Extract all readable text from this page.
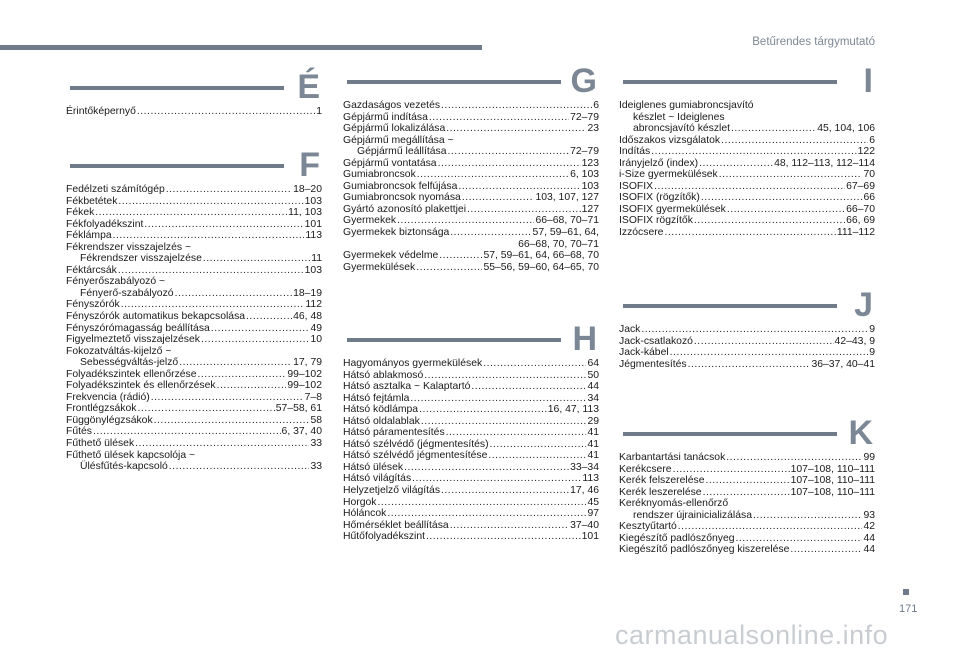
Betűrendes tárgymutató
É
Érintőképernyő .....	1
F
Fedélzeti számítógép .....	18–20
Fékbetétek .....	103
Fékek .....	11, 103
Fékfolyadékszint .....	101
Féklámpa .....	113
Fékrendszer visszajelzés ~
Fékrendszer visszajelzése .....	11
Féktárcsák .....	103
Fényerőszabályozó ~
Fényerő-szabályozó .....	18–19
Fényszórók .....	112
Fényszórók automatikus bekapcsolása .....	46, 48
Fényszórómagasság beállítása .....	49
Figyelmeztető visszajelzések .....	10
Fokozatváltás-kijelző ~
Sebességváltás-jelző .....	17, 79
Folyadékszintek ellenőrzése .....	99–102
Folyadékszintek és ellenőrzések .....	99–102
Frekvencia (rádió) .....	7–8
Frontlégzsákok .....	57–58, 61
Függönylégzsákok .....	58
Fűtés .....	6, 37, 40
Fűthető ülések .....	33
Fűthető ülések kapcsolója ~
Ülésfűtés-kapcsoló .....	33
G
Gazdaságos vezetés .....	6
Gépjármű indítása .....	72–79
Gépjármű lokalizálása .....	23
Gépjármű megállítása ~
Gépjármű leállítása .....	72–79
Gépjármű vontatása .....	123
Gumiabroncsok .....	6, 103
Gumiabroncsok felfújása .....	103
Gumiabroncsok nyomása .....	103, 107, 127
Gyártó azonosító plakettjei .....	127
Gyermekek .....	66–68, 70–71
Gyermekek biztonsága .....	57, 59–61, 64,
66–68, 70, 70–71
Gyermekek védelme .....	57, 59–61, 64, 66–68, 70
Gyermekülések .....	55–56, 59–60, 64–65, 70
H
Hagyományos gyermekülések .....	64
Hátsó ablakmosó .....	50
Hátsó asztalka ~ Kalaptartó .....	44
Hátsó fejtámla .....	34
Hátsó ködlámpa .....	16, 47, 113
Hátsó oldalablak .....	29
Hátsó páramentesítés .....	41
Hátsó szélvédő (jégmentesítés) .....	41
Hátsó szélvédő jégmentesítése .....	41
Hátsó ülések .....	33–34
Hátsó világítás .....	113
Helyzetjelző világítás .....	17, 46
Horgok .....	45
Hóláncok .....	97
Hőmérséklet beállítása .....	37–40
Hűtőfolyadékszint .....	101
I
Ideiglenes gumiabroncsjavító
készlet ~ Ideiglenes
abroncsjavító készlet .....	45, 104, 106
Időszakos vizsgálatok .....	6
Indítás .....	122
Irányjelző (index) .....	48, 112–113, 112–114
i-Size gyermekülések .....	70
ISOFIX .....	67–69
ISOFIX (rögzítők) .....	66
ISOFIX gyermekülések .....	66–70
ISOFIX rögzítők .....	66, 69
Izzócsere .....	111–112
J
Jack .....	9
Jack-csatlakozó .....	42–43, 9
Jack-kábel .....	9
Jégmentesítés .....	36–37, 40–41
K
Karbantartási tanácsok .....	99
Kerékcsere .....	107–108, 110–111
Kerék felszerelése .....	107–108, 110–111
Kerék leszerelése .....	107–108, 110–111
Keréknyomás-ellenőrző
rendszer újrainicializálása .....	93
Kesztyűtartó .....	42
Kiegészítő padlószőnyeg .....	44
Kiegészítő padlószőnyeg kiszerelése .....	44
171
carmanualsonline.info
